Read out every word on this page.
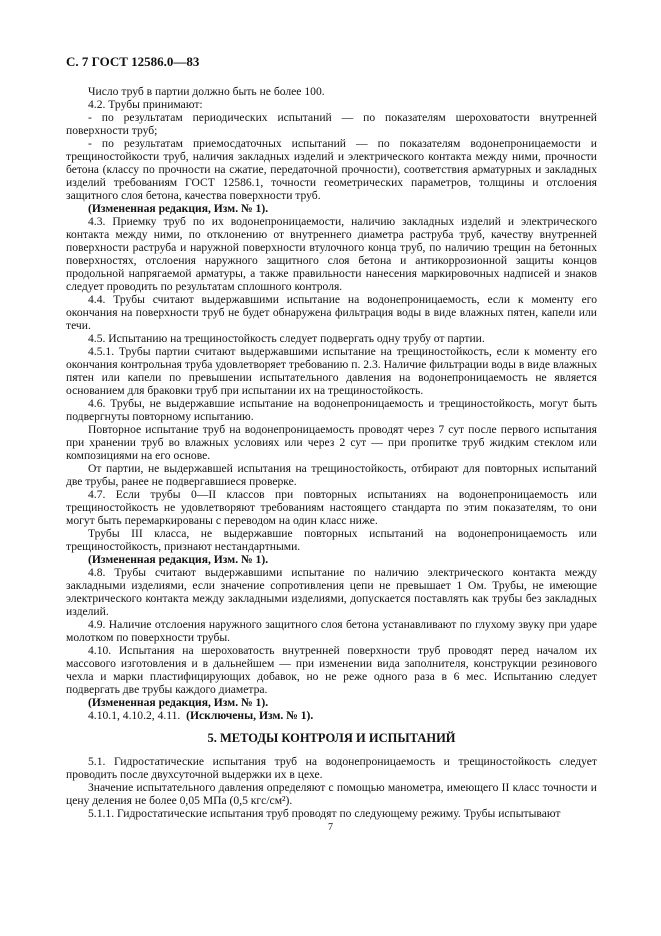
С. 7 ГОСТ 12586.0—83

Число труб в партии должно быть не более 100.

4.2. Трубы принимают:

- по результатам периодических испытаний — по показателям шероховатости внутренней поверхности труб;

- по результатам приемосдаточных испытаний — по показателям водонепроницаемости и трещиностойкости труб, наличия закладных изделий и электрического контакта между ними, прочности бетона (классу по прочности на сжатие, передаточной прочности), соответствия арматурных и закладных изделий требованиям ГОСТ 12586.1, точности геометрических параметров, толщины и отслоения защитного слоя бетона, качества поверхности труб.

(Измененная редакция, Изм. № 1).

4.3. Приемку труб по их водонепроницаемости, наличию закладных изделий и электрического контакта между ними, по отклонению от внутреннего диаметра раструба труб, качеству внутренней поверхности раструба и наружной поверхности втулочного конца труб, по наличию трещин на бетонных поверхностях, отслоения наружного защитного слоя бетона и антикоррозионной защиты концов продольной напрягаемой арматуры, а также правильности нанесения маркировочных надписей и знаков следует проводить по результатам сплошного контроля.

4.4. Трубы считают выдержавшими испытание на водонепроницаемость, если к моменту его окончания на поверхности труб не будет обнаружена фильтрация воды в виде влажных пятен, капели или течи.

4.5. Испытанию на трещиностойкость следует подвергать одну трубу от партии.

4.5.1. Трубы партии считают выдержавшими испытание на трещиностойкость, если к моменту его окончания контрольная труба удовлетворяет требованию п. 2.3. Наличие фильтрации воды в виде влажных пятен или капели по превышении испытательного давления на водонепроницаемость не является основанием для браковки труб при испытании их на трещиностойкость.

4.6. Трубы, не выдержавшие испытание на водонепроницаемость и трещиностойкость, могут быть подвергнуты повторному испытанию.

Повторное испытание труб на водонепроницаемость проводят через 7 сут после первого испытания при хранении труб во влажных условиях или через 2 сут — при пропитке труб жидким стеклом или композициями на его основе.

От партии, не выдержавшей испытания на трещиностойкость, отбирают для повторных испытаний две трубы, ранее не подвергавшиеся проверке.

4.7. Если трубы 0—II классов при повторных испытаниях на водонепроницаемость или трещиностойкость не удовлетворяют требованиям настоящего стандарта по этим показателям, то они могут быть перемаркированы с переводом на один класс ниже.

Трубы III класса, не выдержавшие повторных испытаний на водонепроницаемость или трещиностойкость, признают нестандартными.

(Измененная редакция, Изм. № 1).

4.8. Трубы считают выдержавшими испытание по наличию электрического контакта между закладными изделиями, если значение сопротивления цепи не превышает 1 Ом. Трубы, не имеющие электрического контакта между закладными изделиями, допускается поставлять как трубы без закладных изделий.

4.9. Наличие отслоения наружного защитного слоя бетона устанавливают по глухому звуку при ударе молотком по поверхности трубы.

4.10. Испытания на шероховатость внутренней поверхности труб проводят перед началом их массового изготовления и в дальнейшем — при изменении вида заполнителя, конструкции резинового чехла и марки пластифицирующих добавок, но не реже одного раза в 6 мес. Испытанию следует подвергать две трубы каждого диаметра.

(Измененная редакция, Изм. № 1).

4.10.1, 4.10.2, 4.11. (Исключены, Изм. № 1).

5. МЕТОДЫ КОНТРОЛЯ И ИСПЫТАНИЙ

5.1. Гидростатические испытания труб на водонепроницаемость и трещиностойкость следует проводить после двухсуточной выдержки их в цехе.

Значение испытательного давления определяют с помощью манометра, имеющего II класс точности и цену деления не более 0,05 МПа (0,5 кгс/см²).

5.1.1. Гидростатические испытания труб проводят по следующему режиму. Трубы испытывают

7
